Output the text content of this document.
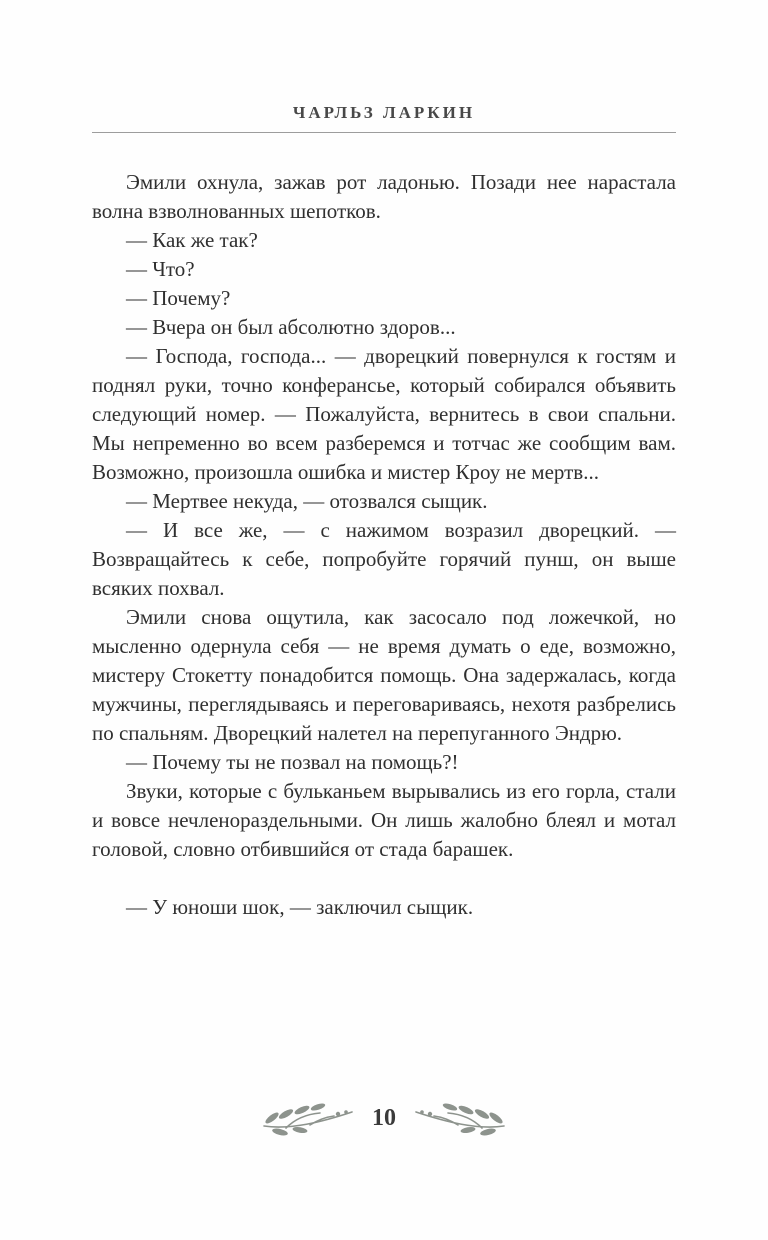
ЧАРЛЬЗ ЛАРКИН

Эмили охнула, зажав рот ладонью. Позади нее нарастала волна взволнованных шепотков.

— Как же так?

— Что?

— Почему?

— Вчера он был абсолютно здоров...

— Господа, господа... — дворецкий повернулся к гостям и поднял руки, точно конферансье, который собирался объявить следующий номер. — Пожалуйста, вернитесь в свои спальни. Мы непременно во всем разберемся и тотчас же сообщим вам. Возможно, произошла ошибка и мистер Кроу не мертв...

— Мертвее некуда, — отозвался сыщик.

— И все же, — с нажимом возразил дворецкий. — Возвращайтесь к себе, попробуйте горячий пунш, он выше всяких похвал.

Эмили снова ощутила, как засосало под ложечкой, но мысленно одернула себя — не время думать о еде, возможно, мистеру Стокетту понадобится помощь. Она задержалась, когда мужчины, переглядываясь и переговариваясь, нехотя разбрелись по спальням. Дворецкий налетел на перепуганного Эндрю.

— Почему ты не позвал на помощь?!

Звуки, которые с бульканьем вырывались из его горла, стали и вовсе нечленораздельными. Он лишь жалобно блеял и мотал головой, словно отбившийся от стада барашек.

— У юноши шок, — заключил сыщик.

10
